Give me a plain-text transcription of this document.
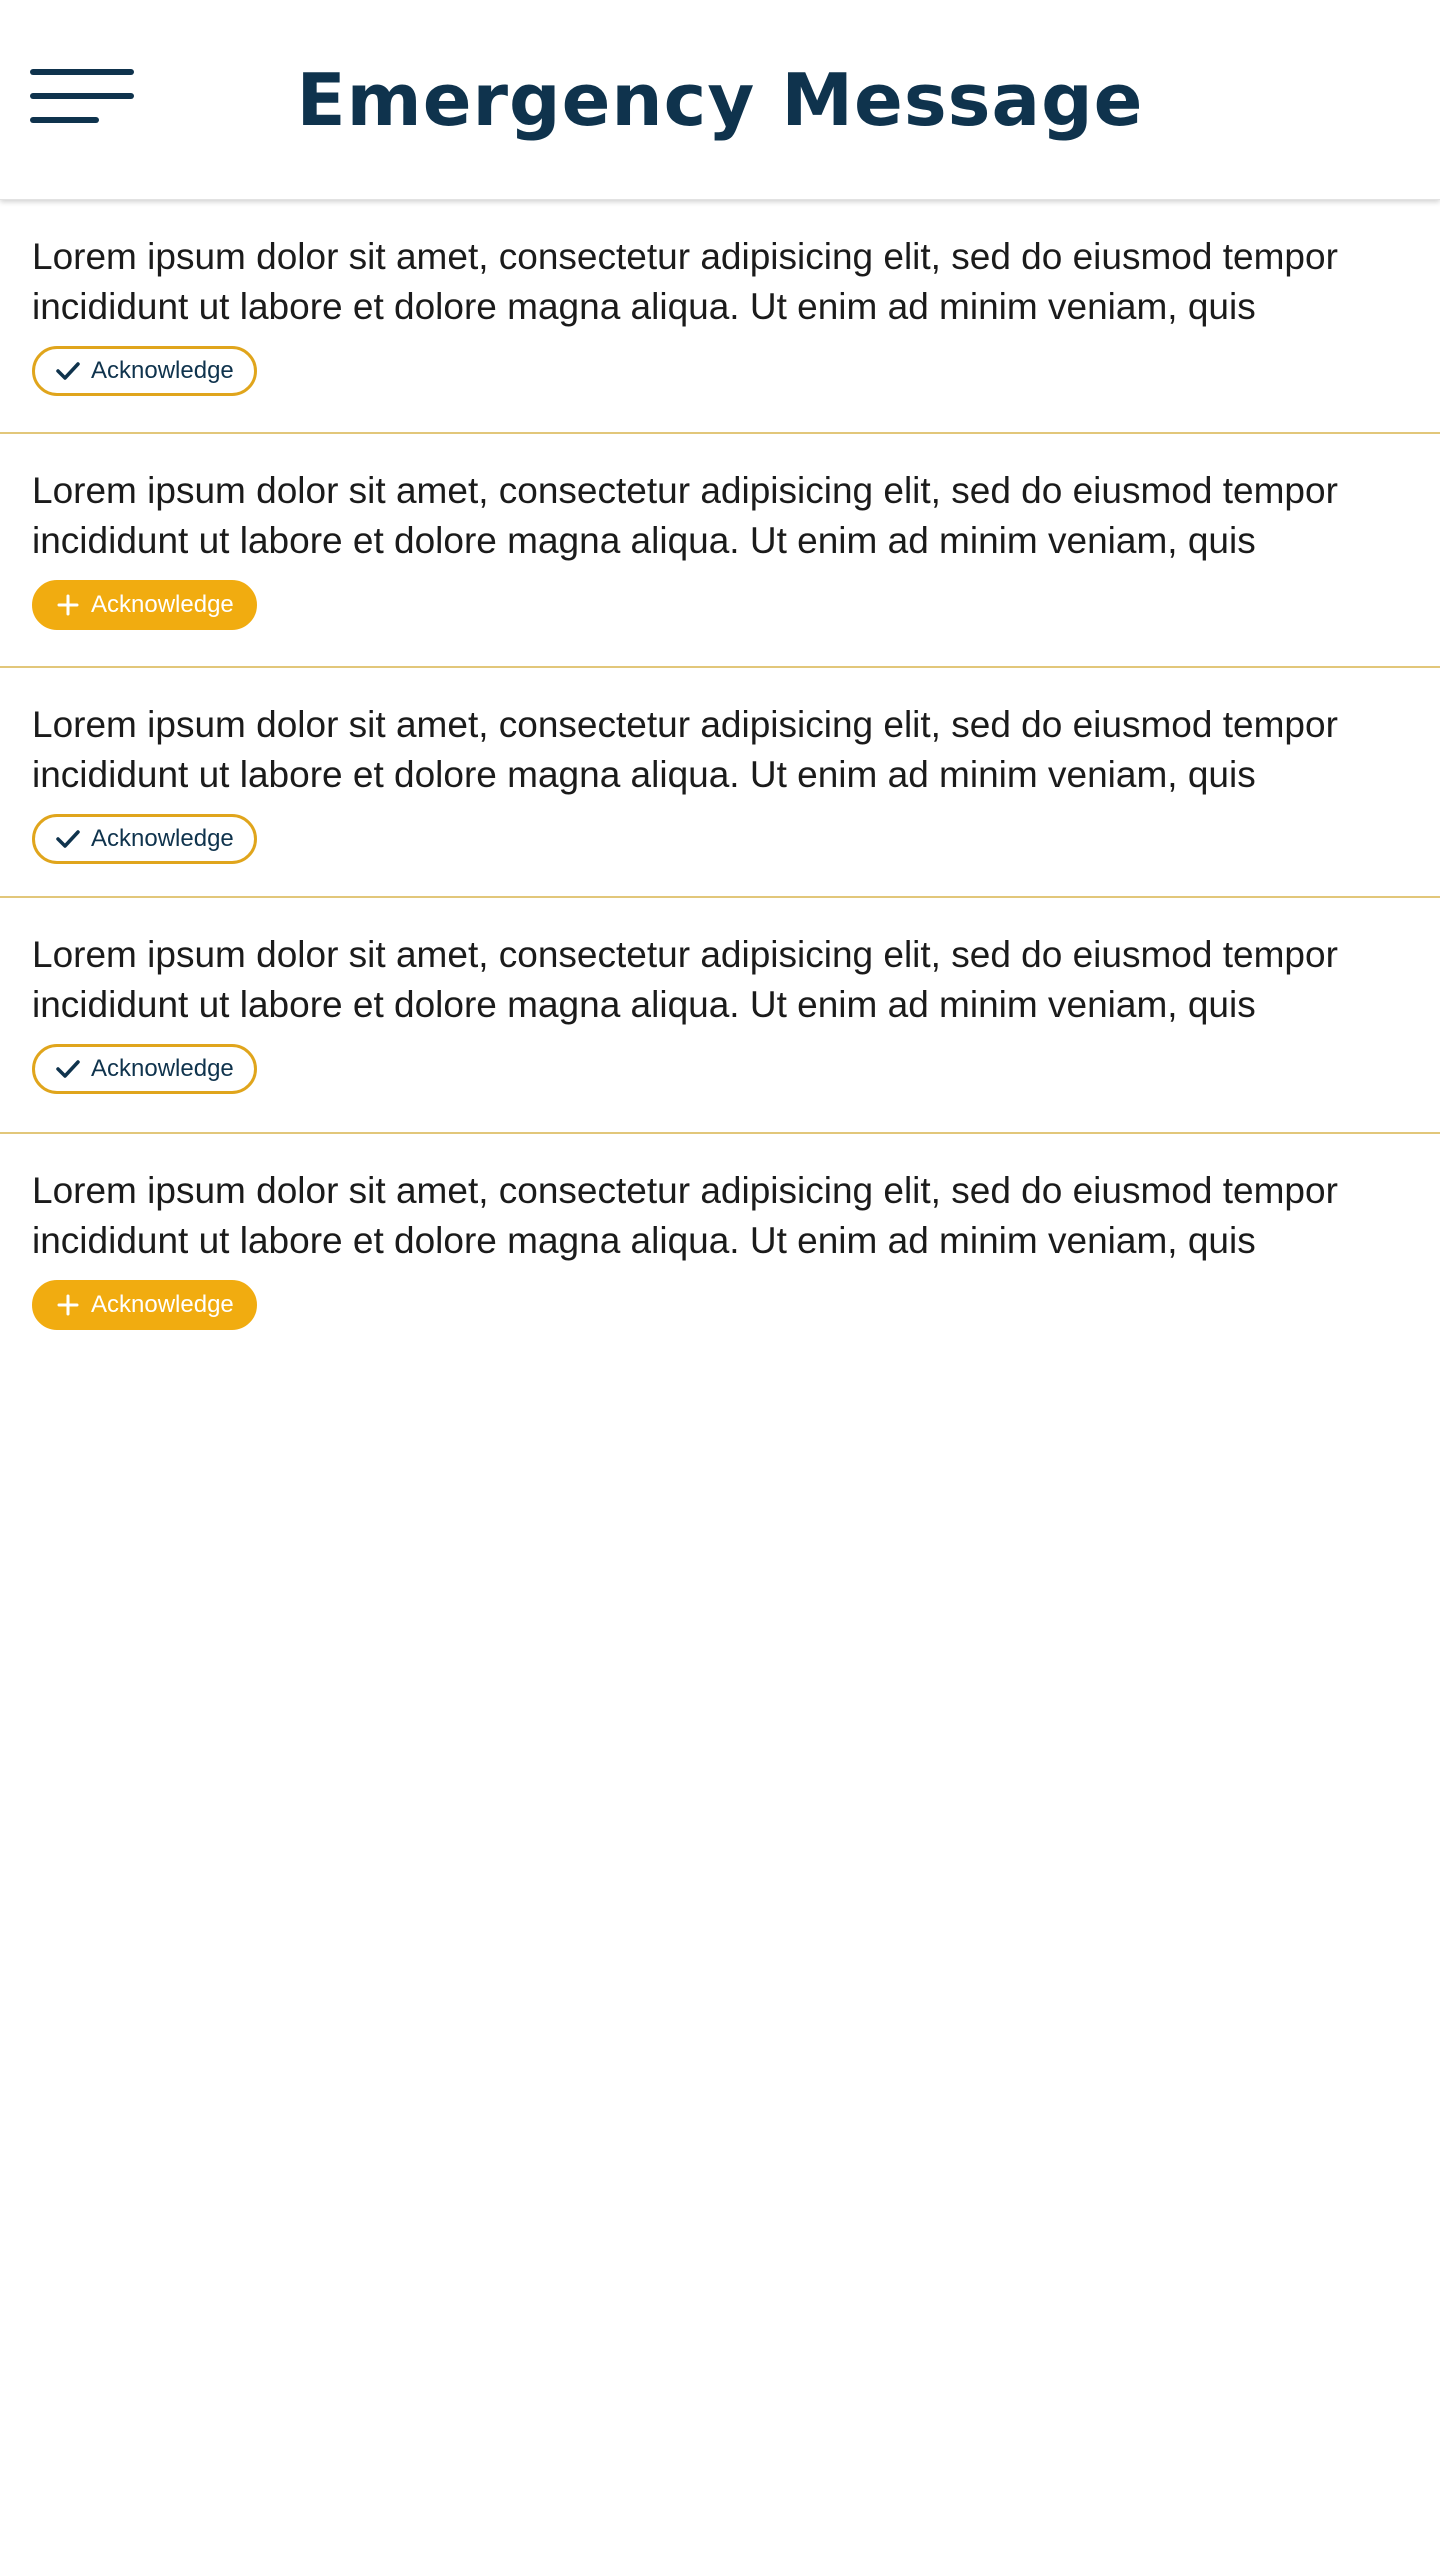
Emergency Message

Lorem ipsum dolor sit amet, consectetur adipisicing elit, sed do eiusmod tempor
incididunt ut labore et dolore magna aliqua. Ut enim ad minim veniam, quis

Acknowledge

Lorem ipsum dolor sit amet, consectetur adipisicing elit, sed do eiusmod tempor
incididunt ut labore et dolore magna aliqua. Ut enim ad minim veniam, quis

Acknowledge

Lorem ipsum dolor sit amet, consectetur adipisicing elit, sed do eiusmod tempor
incididunt ut labore et dolore magna aliqua. Ut enim ad minim veniam, quis

Acknowledge

Lorem ipsum dolor sit amet, consectetur adipisicing elit, sed do eiusmod tempor
incididunt ut labore et dolore magna aliqua. Ut enim ad minim veniam, quis

Acknowledge

Lorem ipsum dolor sit amet, consectetur adipisicing elit, sed do eiusmod tempor
incididunt ut labore et dolore magna aliqua. Ut enim ad minim veniam, quis

Acknowledge
